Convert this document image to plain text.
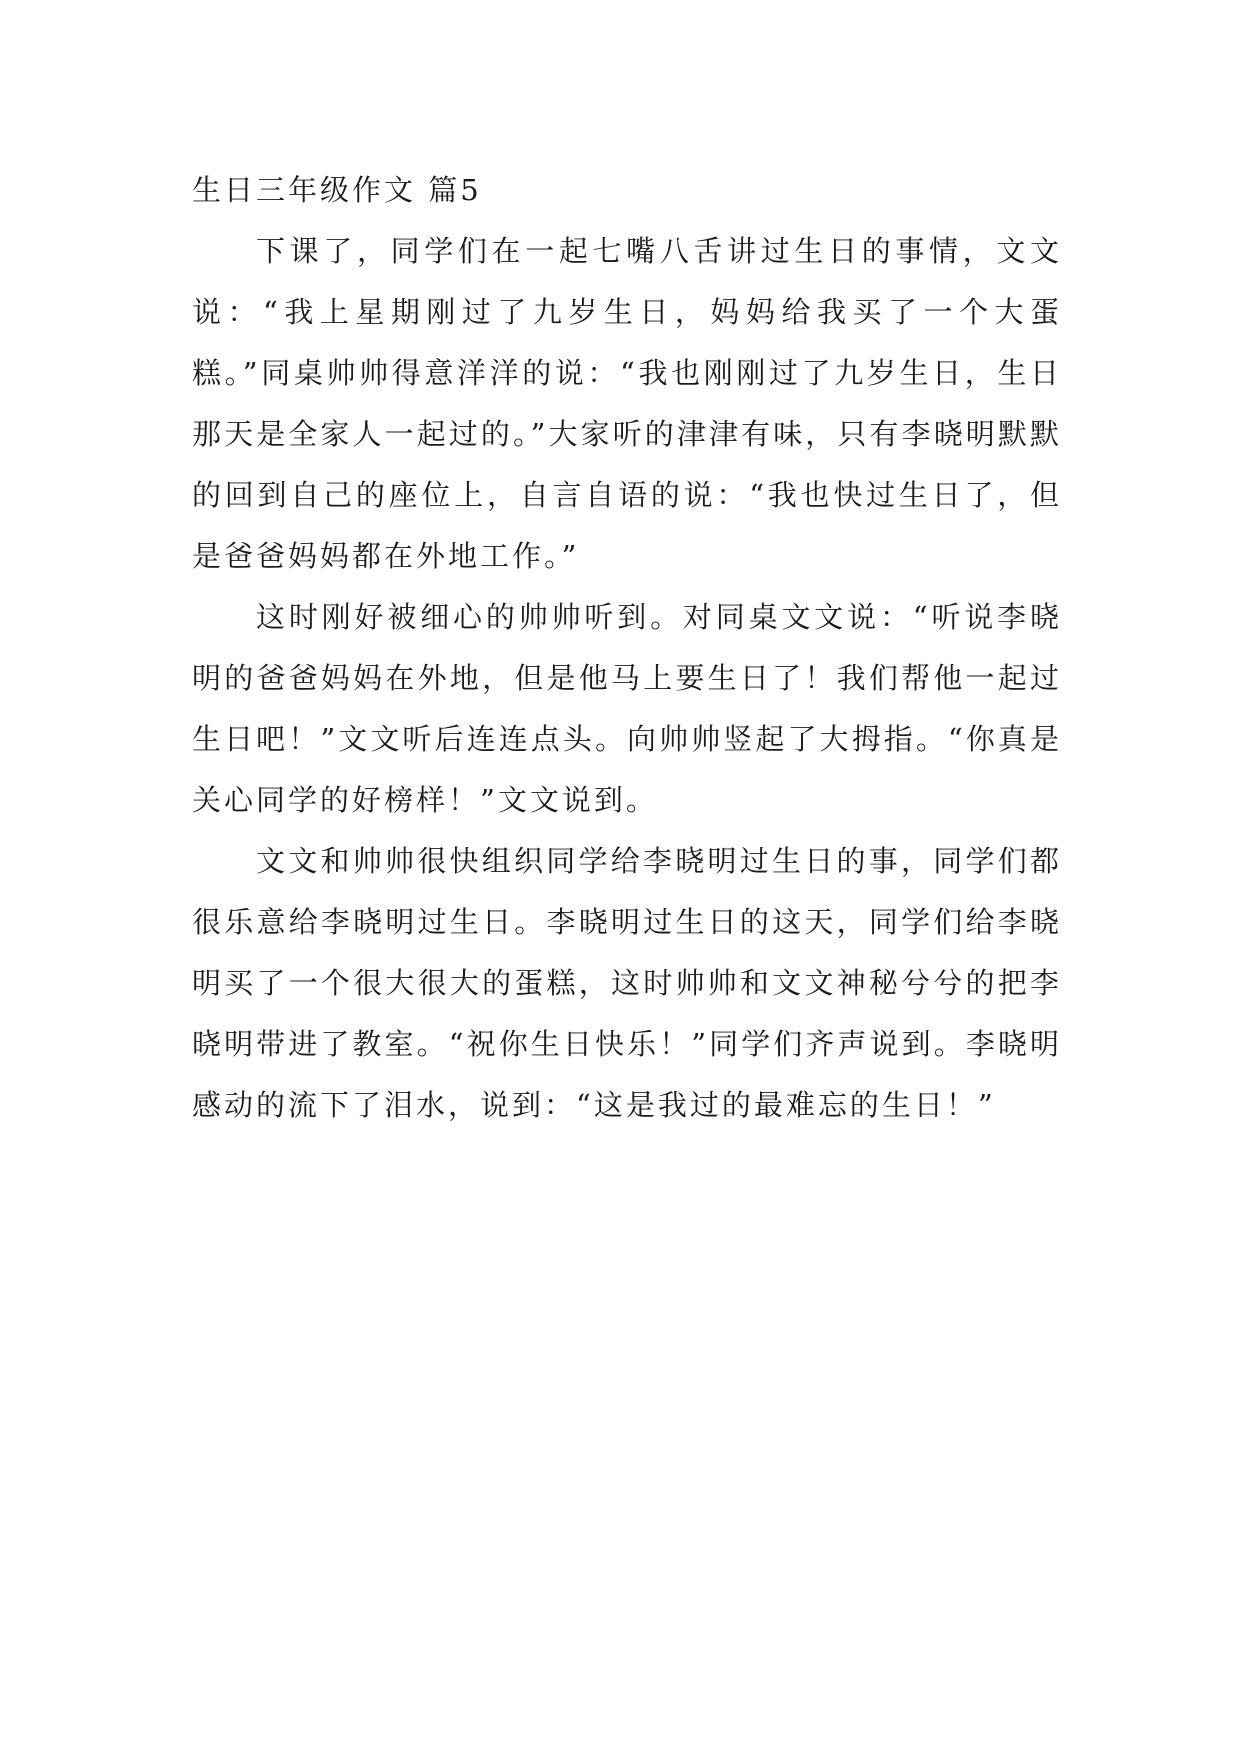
生日三年级作文 篇5

下课了，同学们在一起七嘴八舌讲过生日的事情，文文说：“我上星期刚过了九岁生日，妈妈给我买了一个大蛋糕。”同桌帅帅得意洋洋的说：“我也刚刚过了九岁生日，生日那天是全家人一起过的。”大家听的津津有味，只有李晓明默默的回到自己的座位上，自言自语的说：“我也快过生日了，但是爸爸妈妈都在外地工作。”

这时刚好被细心的帅帅听到。对同桌文文说：“听说李晓明的爸爸妈妈在外地，但是他马上要生日了！我们帮他一起过生日吧！”文文听后连连点头。向帅帅竖起了大拇指。“你真是关心同学的好榜样！”文文说到。

文文和帅帅很快组织同学给李晓明过生日的事，同学们都很乐意给李晓明过生日。李晓明过生日的这天，同学们给李晓明买了一个很大很大的蛋糕，这时帅帅和文文神秘兮兮的把李晓明带进了教室。“祝你生日快乐！”同学们齐声说到。李晓明感动的流下了泪水，说到：“这是我过的最难忘的生日！”
